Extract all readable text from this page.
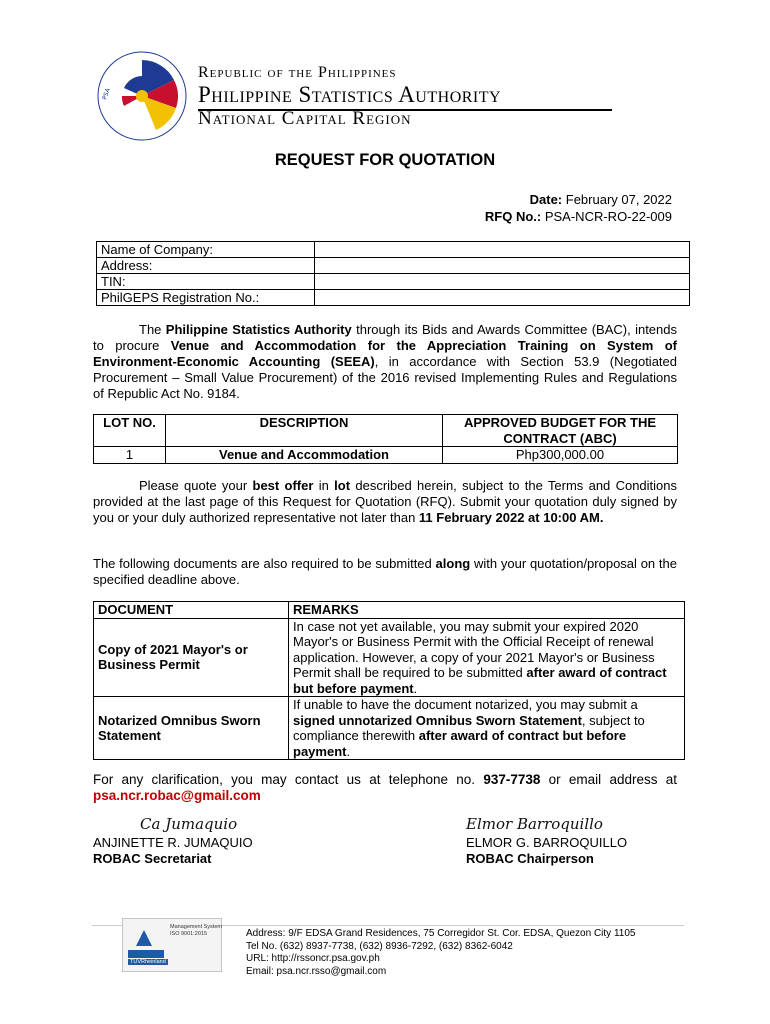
PSA
Republic of the Philippines
Philippine Statistics Authority
National Capital Region
REQUEST FOR QUOTATION
Date: February 07, 2022
RFQ No.: PSA-NCR-RO-22-009
Name of Company:	
Address:	
TIN:	
PhilGEPS Registration No.:	
The Philippine Statistics Authority through its Bids and Awards Committee (BAC), intends to procure Venue and Accommodation for the Appreciation Training on System of Environment-Economic Accounting (SEEA), in accordance with Section 53.9 (Negotiated Procurement – Small Value Procurement) of the 2016 revised Implementing Rules and Regulations of Republic Act No. 9184.
LOT NO.	DESCRIPTION	APPROVED BUDGET FOR THE CONTRACT (ABC)
1	Venue and Accommodation	Php300,000.00
Please quote your best offer in lot described herein, subject to the Terms and Conditions provided at the last page of this Request for Quotation (RFQ). Submit your quotation duly signed by you or your duly authorized representative not later than 11 February 2022 at 10:00 AM.
The following documents are also required to be submitted along with your quotation/proposal on the specified deadline above.
DOCUMENT	REMARKS
Copy of 2021 Mayor's or Business Permit	In case not yet available, you may submit your expired 2020 Mayor's or Business Permit with the Official Receipt of renewal application. However, a copy of your 2021 Mayor's or Business Permit shall be required to be submitted after award of contract but before payment.
Notarized Omnibus Sworn Statement	If unable to have the document notarized, you may submit a signed unnotarized Omnibus Sworn Statement, subject to compliance therewith after award of contract but before payment.
For any clarification, you may contact us at telephone no. 937-7738 or email address at psa.ncr.robac@gmail.com
Ca Jumaquio
ANJINETTE R. JUMAQUIO
ROBAC Secretariat
Elmor Barroquillo
ELMOR G. BARROQUILLO
ROBAC Chairperson
Management System
ISO 9001:2015
TÜVRheinland
Address: 9/F EDSA Grand Residences, 75 Corregidor St. Cor. EDSA, Quezon City 1105
Tel No. (632) 8937-7738, (632) 8936-7292, (632) 8362-6042
URL: http://rssoncr.psa.gov.ph
Email: psa.ncr.rsso@gmail.com
